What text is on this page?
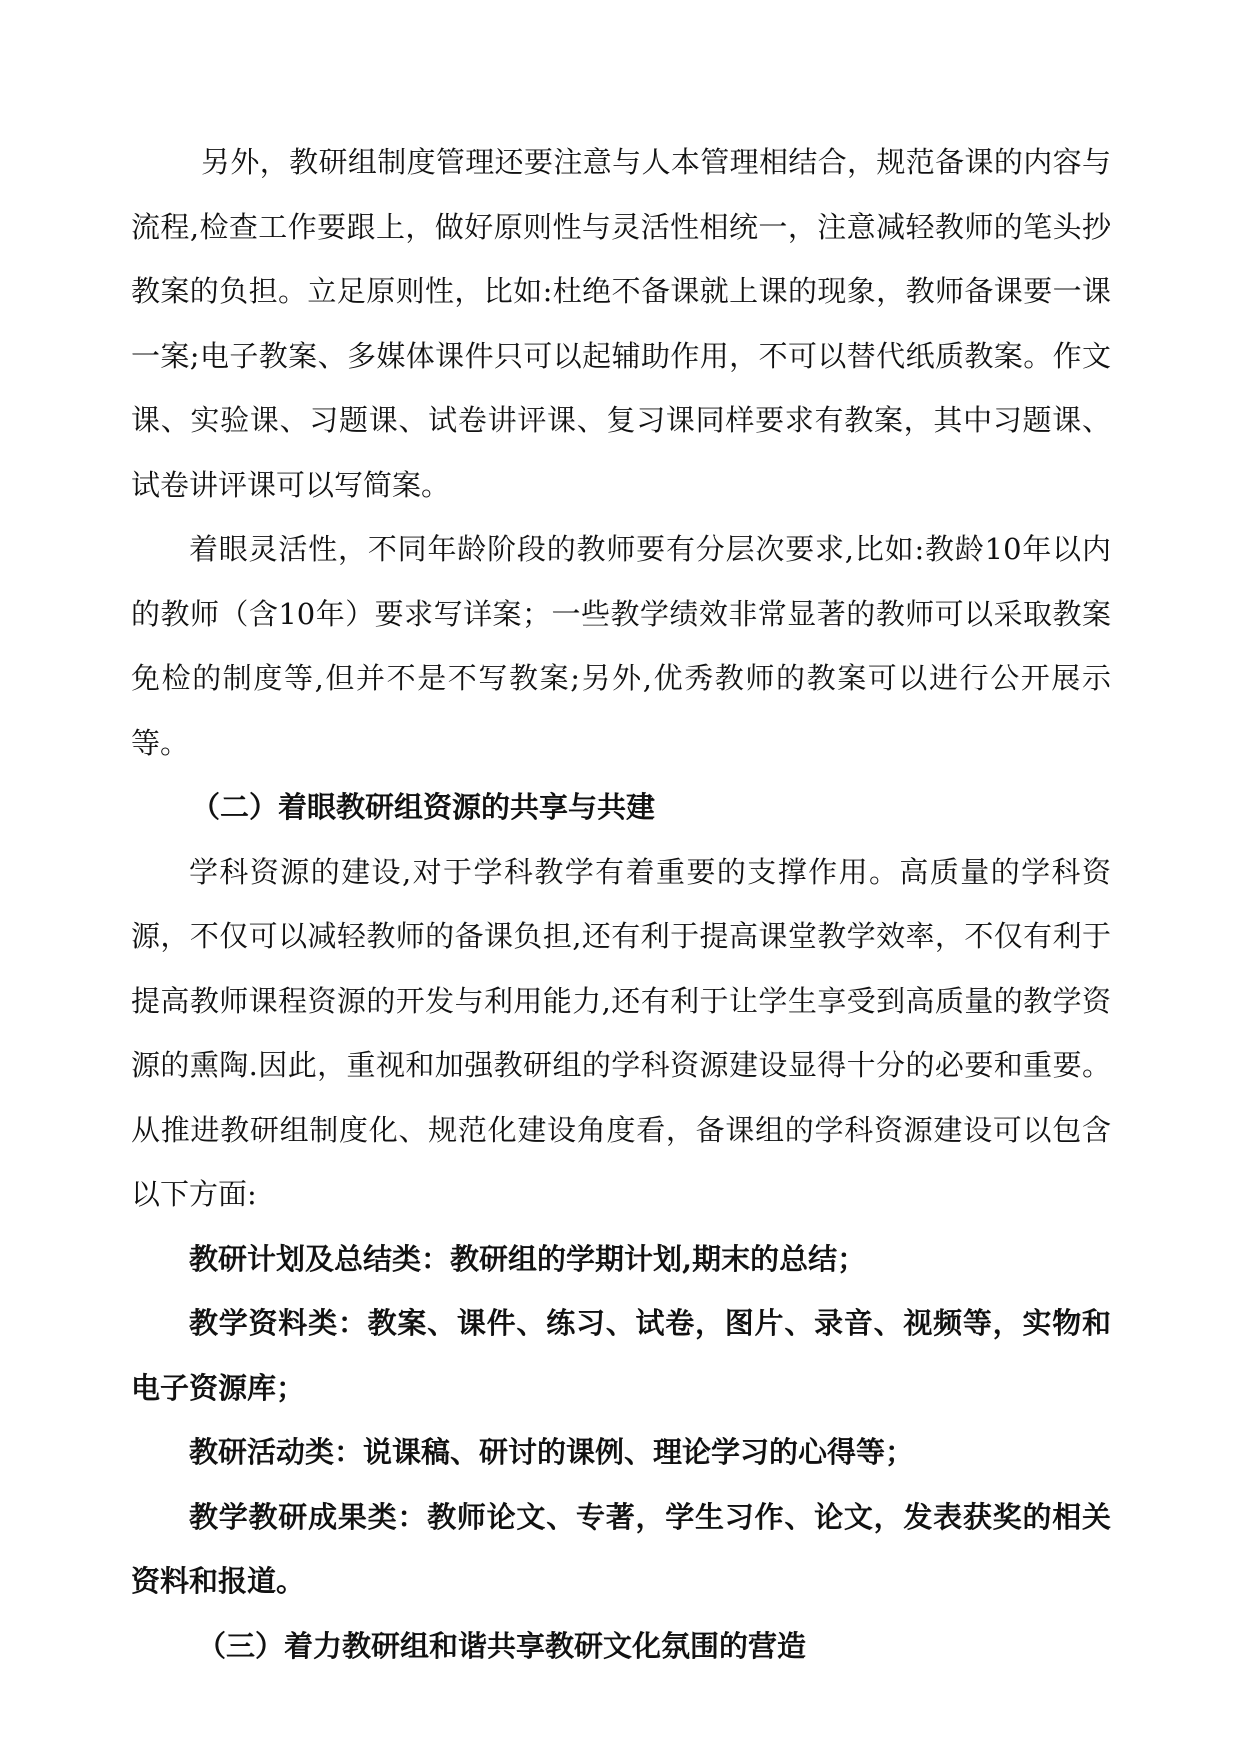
另外，教研组制度管理还要注意与人本管理相结合，规范备课的内容与流程,检查工作要跟上，做好原则性与灵活性相统一，注意减轻教师的笔头抄教案的负担。立足原则性，比如:杜绝不备课就上课的现象，教师备课要一课一案;电子教案、多媒体课件只可以起辅助作用，不可以替代纸质教案。作文课、实验课、习题课、试卷讲评课、复习课同样要求有教案，其中习题课、试卷讲评课可以写简案。

着眼灵活性，不同年龄阶段的教师要有分层次要求,比如:教龄10年以内的教师（含10年）要求写详案；一些教学绩效非常显著的教师可以采取教案免检的制度等,但并不是不写教案;另外,优秀教师的教案可以进行公开展示等。

（二）着眼教研组资源的共享与共建

学科资源的建设,对于学科教学有着重要的支撑作用。高质量的学科资源，不仅可以减轻教师的备课负担,还有利于提高课堂教学效率，不仅有利于提高教师课程资源的开发与利用能力,还有利于让学生享受到高质量的教学资源的熏陶.因此，重视和加强教研组的学科资源建设显得十分的必要和重要。从推进教研组制度化、规范化建设角度看，备课组的学科资源建设可以包含以下方面:

教研计划及总结类：教研组的学期计划,期末的总结；

教学资料类：教案、课件、练习、试卷，图片、录音、视频等，实物和电子资源库；

教研活动类：说课稿、研讨的课例、理论学习的心得等；

教学教研成果类：教师论文、专著，学生习作、论文，发表获奖的相关资料和报道。

（三）着力教研组和谐共享教研文化氛围的营造
